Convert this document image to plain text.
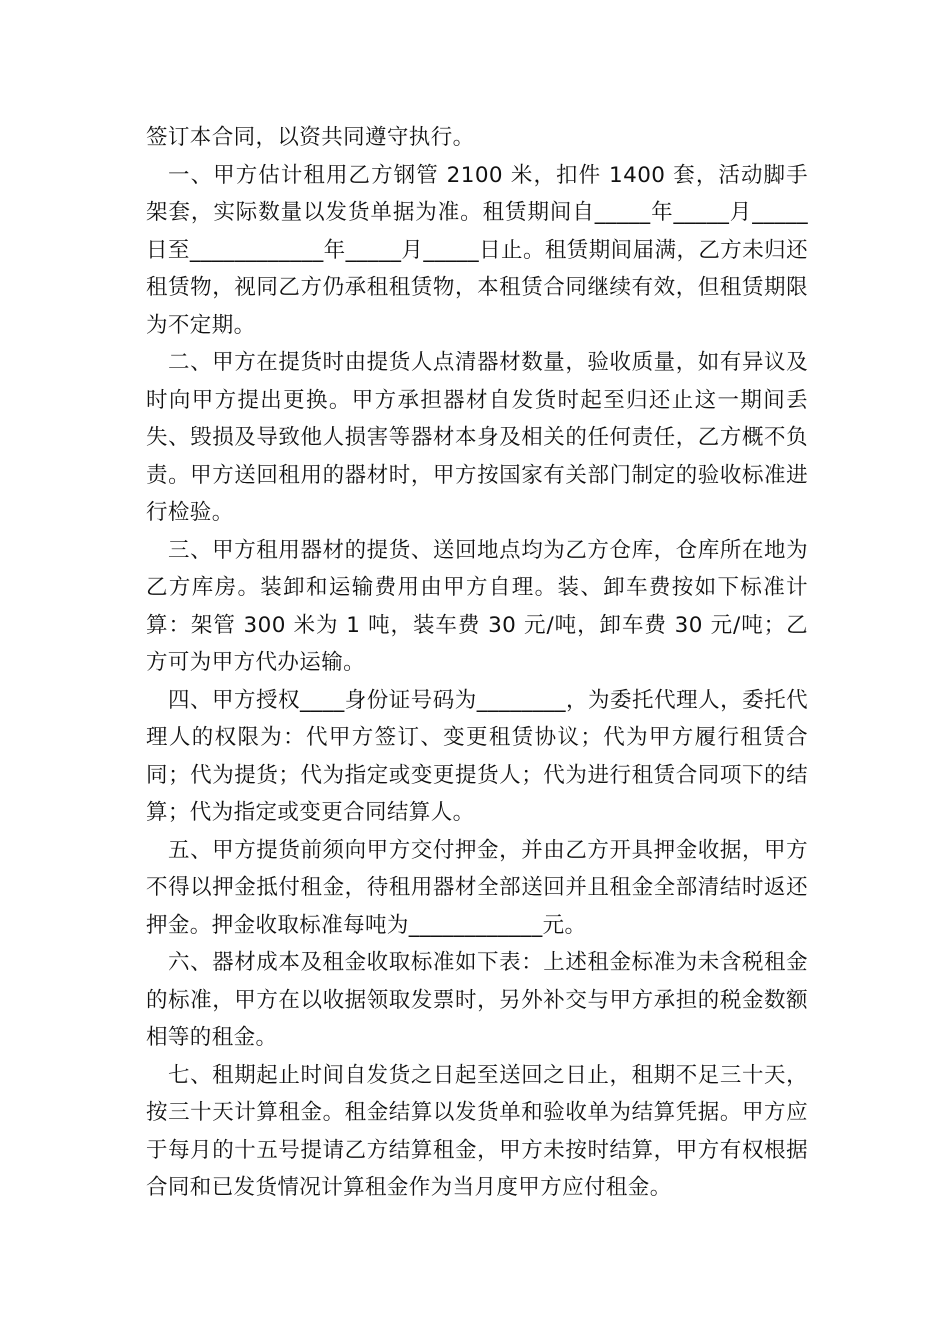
签订本合同，以资共同遵守执行。

一、甲方估计租用乙方钢管 2100 米，扣件 1400 套，活动脚手架套，实际数量以发货单据为准。租赁期间自_____年_____月_____日至____________年_____月_____日止。租赁期间届满，乙方未归还租赁物，视同乙方仍承租租赁物，本租赁合同继续有效，但租赁期限为不定期。

二、甲方在提货时由提货人点清器材数量，验收质量，如有异议及时向甲方提出更换。甲方承担器材自发货时起至归还止这一期间丢失、毁损及导致他人损害等器材本身及相关的任何责任，乙方概不负责。甲方送回租用的器材时，甲方按国家有关部门制定的验收标准进行检验。

三、甲方租用器材的提货、送回地点均为乙方仓库，仓库所在地为乙方库房。装卸和运输费用由甲方自理。装、卸车费按如下标准计算：架管 300 米为 1 吨，装车费 30 元/吨，卸车费 30 元/吨；乙方可为甲方代办运输。

四、甲方授权____身份证号码为________，为委托代理人，委托代理人的权限为：代甲方签订、变更租赁协议；代为甲方履行租赁合同；代为提货；代为指定或变更提货人；代为进行租赁合同项下的结算；代为指定或变更合同结算人。

五、甲方提货前须向甲方交付押金，并由乙方开具押金收据，甲方不得以押金抵付租金，待租用器材全部送回并且租金全部清结时返还押金。押金收取标准每吨为____________元。

六、器材成本及租金收取标准如下表：上述租金标准为未含税租金的标准，甲方在以收据领取发票时，另外补交与甲方承担的税金数额相等的租金。

七、租期起止时间自发货之日起至送回之日止，租期不足三十天，按三十天计算租金。租金结算以发货单和验收单为结算凭据。甲方应于每月的十五号提请乙方结算租金，甲方未按时结算，甲方有权根据合同和已发货情况计算租金作为当月度甲方应付租金。
